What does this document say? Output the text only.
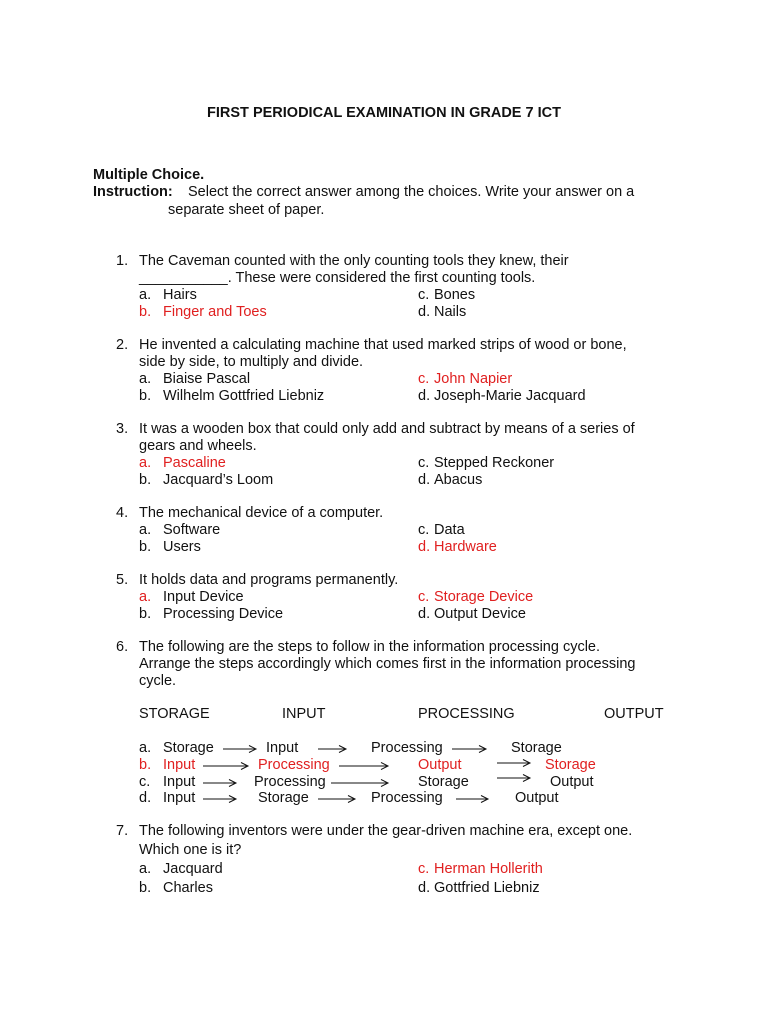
FIRST PERIODICAL EXAMINATION IN GRADE 7 ICT
Multiple Choice.
Instruction: Select the correct answer among the choices. Write your answer on a
separate sheet of paper.
1. The Caveman counted with the only counting tools they knew, their
___________. These were considered the first counting tools.
a. Hairs	c. Bones
b. Finger and Toes	d. Nails
2. He invented a calculating machine that used marked strips of wood or bone,
side by side, to multiply and divide.
a. Biaise Pascal	c. John Napier
b. Wilhelm Gottfried Liebniz	d. Joseph-Marie Jacquard
3. It was a wooden box that could only add and subtract by means of a series of
gears and wheels.
a. Pascaline	c. Stepped Reckoner
b. Jacquard’s Loom	d. Abacus
4. The mechanical device of a computer.
a. Software	c. Data
b. Users	d. Hardware
5. It holds data and programs permanently.
a. Input Device	c. Storage Device
b. Processing Device	d. Output Device
6. The following are the steps to follow in the information processing cycle.
Arrange the steps accordingly which comes first in the information processing
cycle.
STORAGE	INPUT	PROCESSING	OUTPUT
a. Storage	Input	Processing	Storage
b. Input	Processing	Output	Storage
c. Input	Processing	Storage	Output
d. Input	Storage	Processing	Output
7. The following inventors were under the gear-driven machine era, except one.
Which one is it?
a. Jacquard	c. Herman Hollerith
b. Charles	d. Gottfried Liebniz
